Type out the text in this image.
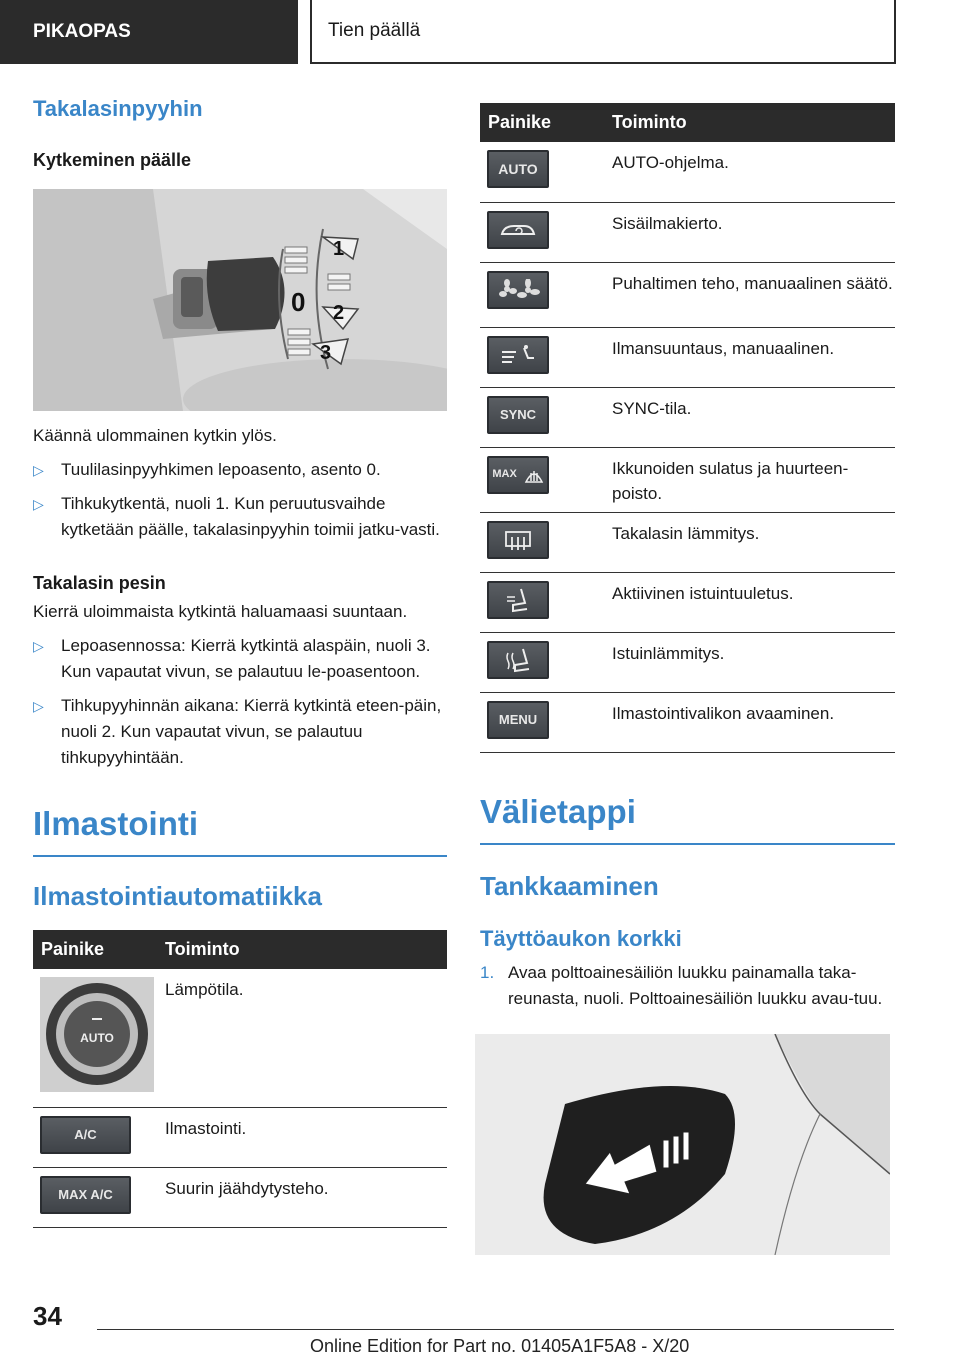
PIKAOPAS	Tien päällä
Takalasinpyyhin
Kytkeminen päälle
1
0 2
3

Käännä ulommainen kytkin ylös.

▷ Tuulilasinpyyhkimen lepoasento, asento 0.
▷ Tihkukytkentä, nuoli 1. Kun peruutusvaihde kytketään päälle, takalasinpyyhin toimii jatku-vasti.
Takalasin pesin

Kierrä uloimmaista kytkintä haluamaasi suuntaan.

▷ Lepoasennossa: Kierrä kytkintä alaspäin, nuoli 3. Kun vapautat vivun, se palautuu le-poasentoon.
▷ Tihkupyyhinnän aikana: Kierrä kytkintä eteen-päin, nuoli 2. Kun vapautat vivun, se palautuu tihkupyyhintään.
Ilmastointi
Ilmastointiautomatiikka
Painike	Toiminto

AUTO	Lämpötila.

A/C	Ilmastointi.

MAX A/C	Suurin jäähdytysteho.
Painike	Toiminto

AUTO	AUTO-ohjelma.

	Sisäilmakierto.

	Puhaltimen teho, manuaalinen säätö.

	Ilmansuuntaus, manuaalinen.

SYNC	SYNC-tila.

MAX	Ikkunoiden sulatus ja huurteen-poisto.

	Takalasin lämmitys.

	Aktiivinen istuintuuletus.

	Istuinlämmitys.

MENU	Ilmastointivalikon avaaminen.
Välietappi
Tankkaaminen
Täyttöaukon korkki
1. Avaa polttoainesäiliön luukku painamalla taka-reunasta, nuoli. Polttoainesäiliön luukku avau-tuu.
34
Online Edition for Part no. 01405A1F5A8 - X/20
